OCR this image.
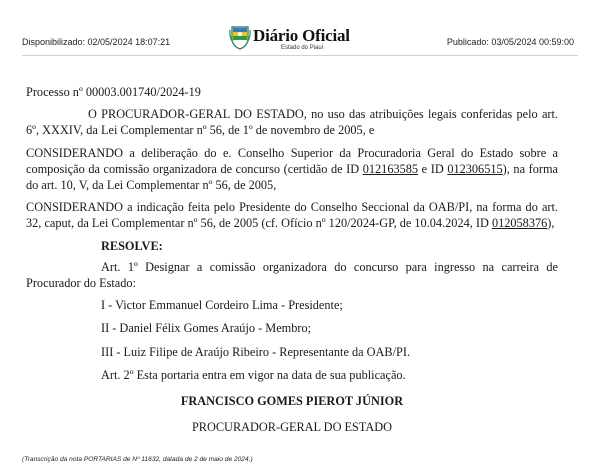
Disponibilizado: 02/05/2024 18:07:21	Diário Oficial
Estado do Piauí
Publicado: 03/05/2024 00:59:00

Processo nº 00003.001740/2024-19

O PROCURADOR-GERAL DO ESTADO, no uso das atribuições legais conferidas pelo art. 6º, XXXIV, da Lei Complementar nº 56, de 1º de novembro de 2005, e

CONSIDERANDO a deliberação do e. Conselho Superior da Procuradoria Geral do Estado sobre a composição da comissão organizadora de concurso (certidão de ID 012163585 e ID 012306515), na forma do art. 10, V, da Lei Complementar nº 56, de 2005,

CONSIDERANDO a indicação feita pelo Presidente do Conselho Seccional da OAB/PI, na forma do art. 32, caput, da Lei Complementar nº 56, de 2005 (cf. Ofício nº 120/2024-GP, de 10.04.2024, ID 012058376),

RESOLVE:

Art. 1º Designar a comissão organizadora do concurso para ingresso na carreira de Procurador do Estado:

I - Victor Emmanuel Cordeiro Lima - Presidente;

II - Daniel Félix Gomes Araújo - Membro;

III - Luiz Filipe de Araújo Ribeiro - Representante da OAB/PI.

Art. 2º Esta portaria entra em vigor na data de sua publicação.

FRANCISCO GOMES PIEROT JÚNIOR

PROCURADOR-GERAL DO ESTADO

(Transcrição da nota PORTARIAS de Nº 11632, datada de 2 de maio de 2024.)
